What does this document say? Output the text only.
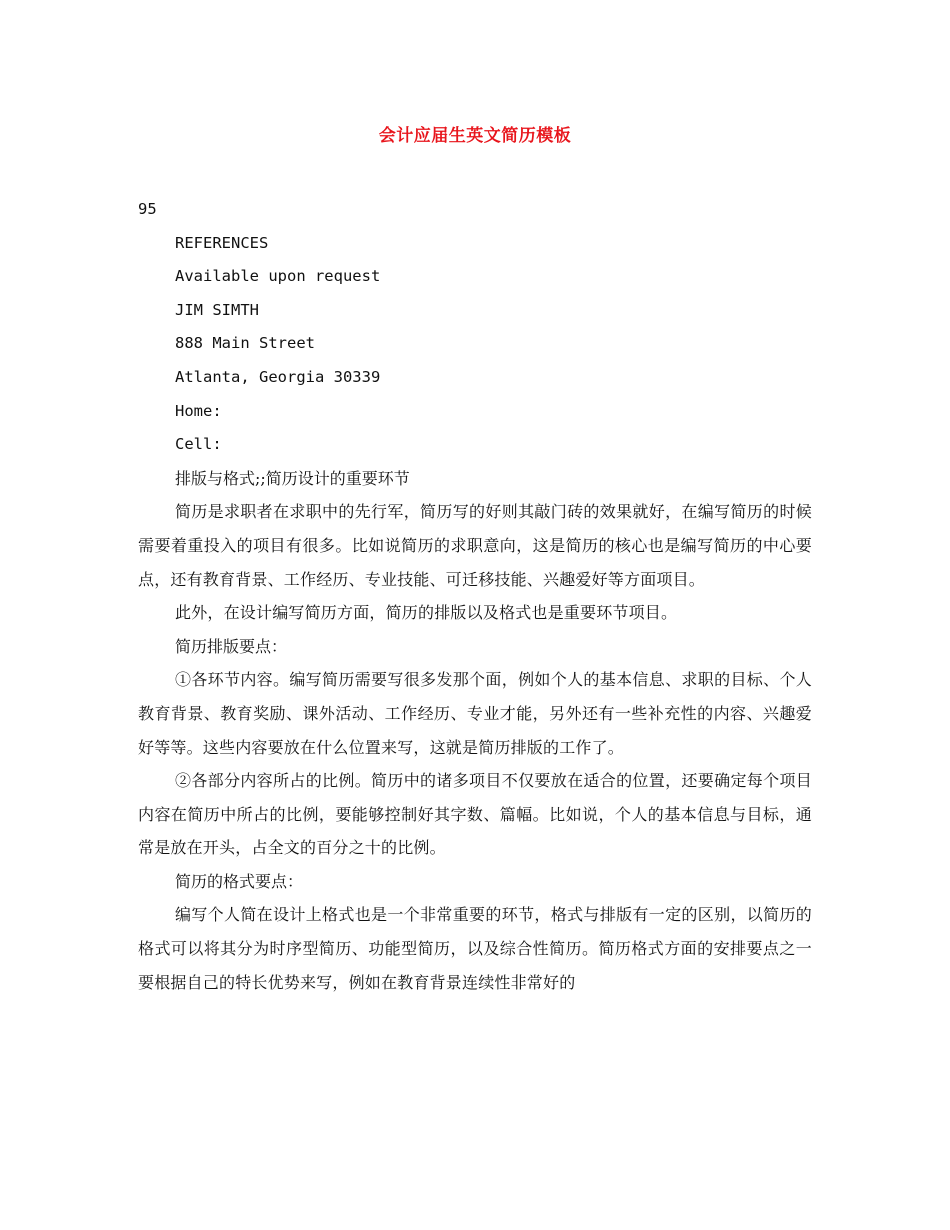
会计应届生英文简历模板
95
REFERENCES
Available upon request
JIM SIMTH
888 Main Street
Atlanta, Georgia 30339
Home:
Cell:
排版与格式;;简历设计的重要环节

简历是求职者在求职中的先行军，简历写的好则其敲门砖的效果就好，在编写简历的时候需要着重投入的项目有很多。比如说简历的求职意向，这是简历的核心也是编写简历的中心要点，还有教育背景、工作经历、专业技能、可迁移技能、兴趣爱好等方面项目。

此外，在设计编写简历方面，简历的排版以及格式也是重要环节项目。

简历排版要点：

①各环节内容。编写简历需要写很多发那个面，例如个人的基本信息、求职的目标、个人教育背景、教育奖励、课外活动、工作经历、专业才能，另外还有一些补充性的内容、兴趣爱好等等。这些内容要放在什么位置来写，这就是简历排版的工作了。

②各部分内容所占的比例。简历中的诸多项目不仅要放在适合的位置，还要确定每个项目内容在简历中所占的比例，要能够控制好其字数、篇幅。比如说，个人的基本信息与目标，通常是放在开头，占全文的百分之十的比例。

简历的格式要点：

编写个人简在设计上格式也是一个非常重要的环节，格式与排版有一定的区别，以简历的格式可以将其分为时序型简历、功能型简历，以及综合性简历。简历格式方面的安排要点之一要根据自己的特长优势来写，例如在教育背景连续性非常好的
